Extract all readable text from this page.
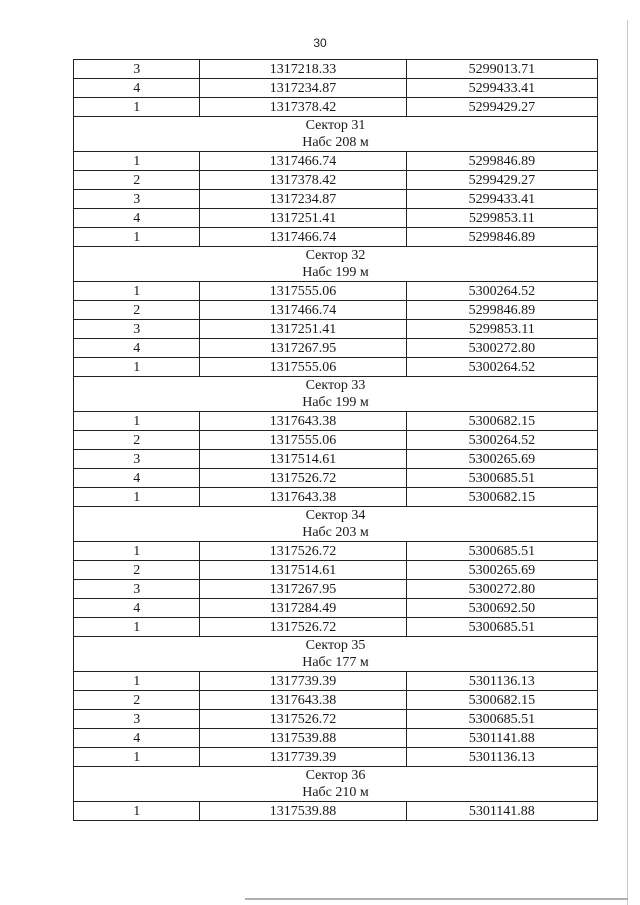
30
3	1317218.33	5299013.71
4	1317234.87	5299433.41
1	1317378.42	5299429.27

Сектор 31
Набс 208 м		

1	1317466.74	5299846.89
2	1317378.42	5299429.27
3	1317234.87	5299433.41
4	1317251.41	5299853.11
1	1317466.74	5299846.89

Сектор 32
Набс 199 м		

1	1317555.06	5300264.52
2	1317466.74	5299846.89
3	1317251.41	5299853.11
4	1317267.95	5300272.80
1	1317555.06	5300264.52

Сектор 33
Набс 199 м		

1	1317643.38	5300682.15
2	1317555.06	5300264.52
3	1317514.61	5300265.69
4	1317526.72	5300685.51
1	1317643.38	5300682.15

Сектор 34
Набс 203 м		

1	1317526.72	5300685.51
2	1317514.61	5300265.69
3	1317267.95	5300272.80
4	1317284.49	5300692.50
1	1317526.72	5300685.51

Сектор 35
Набс 177 м		

1	1317739.39	5301136.13
2	1317643.38	5300682.15
3	1317526.72	5300685.51
4	1317539.88	5301141.88
1	1317739.39	5301136.13

Сектор 36
Набс 210 м		

1	1317539.88	5301141.88
